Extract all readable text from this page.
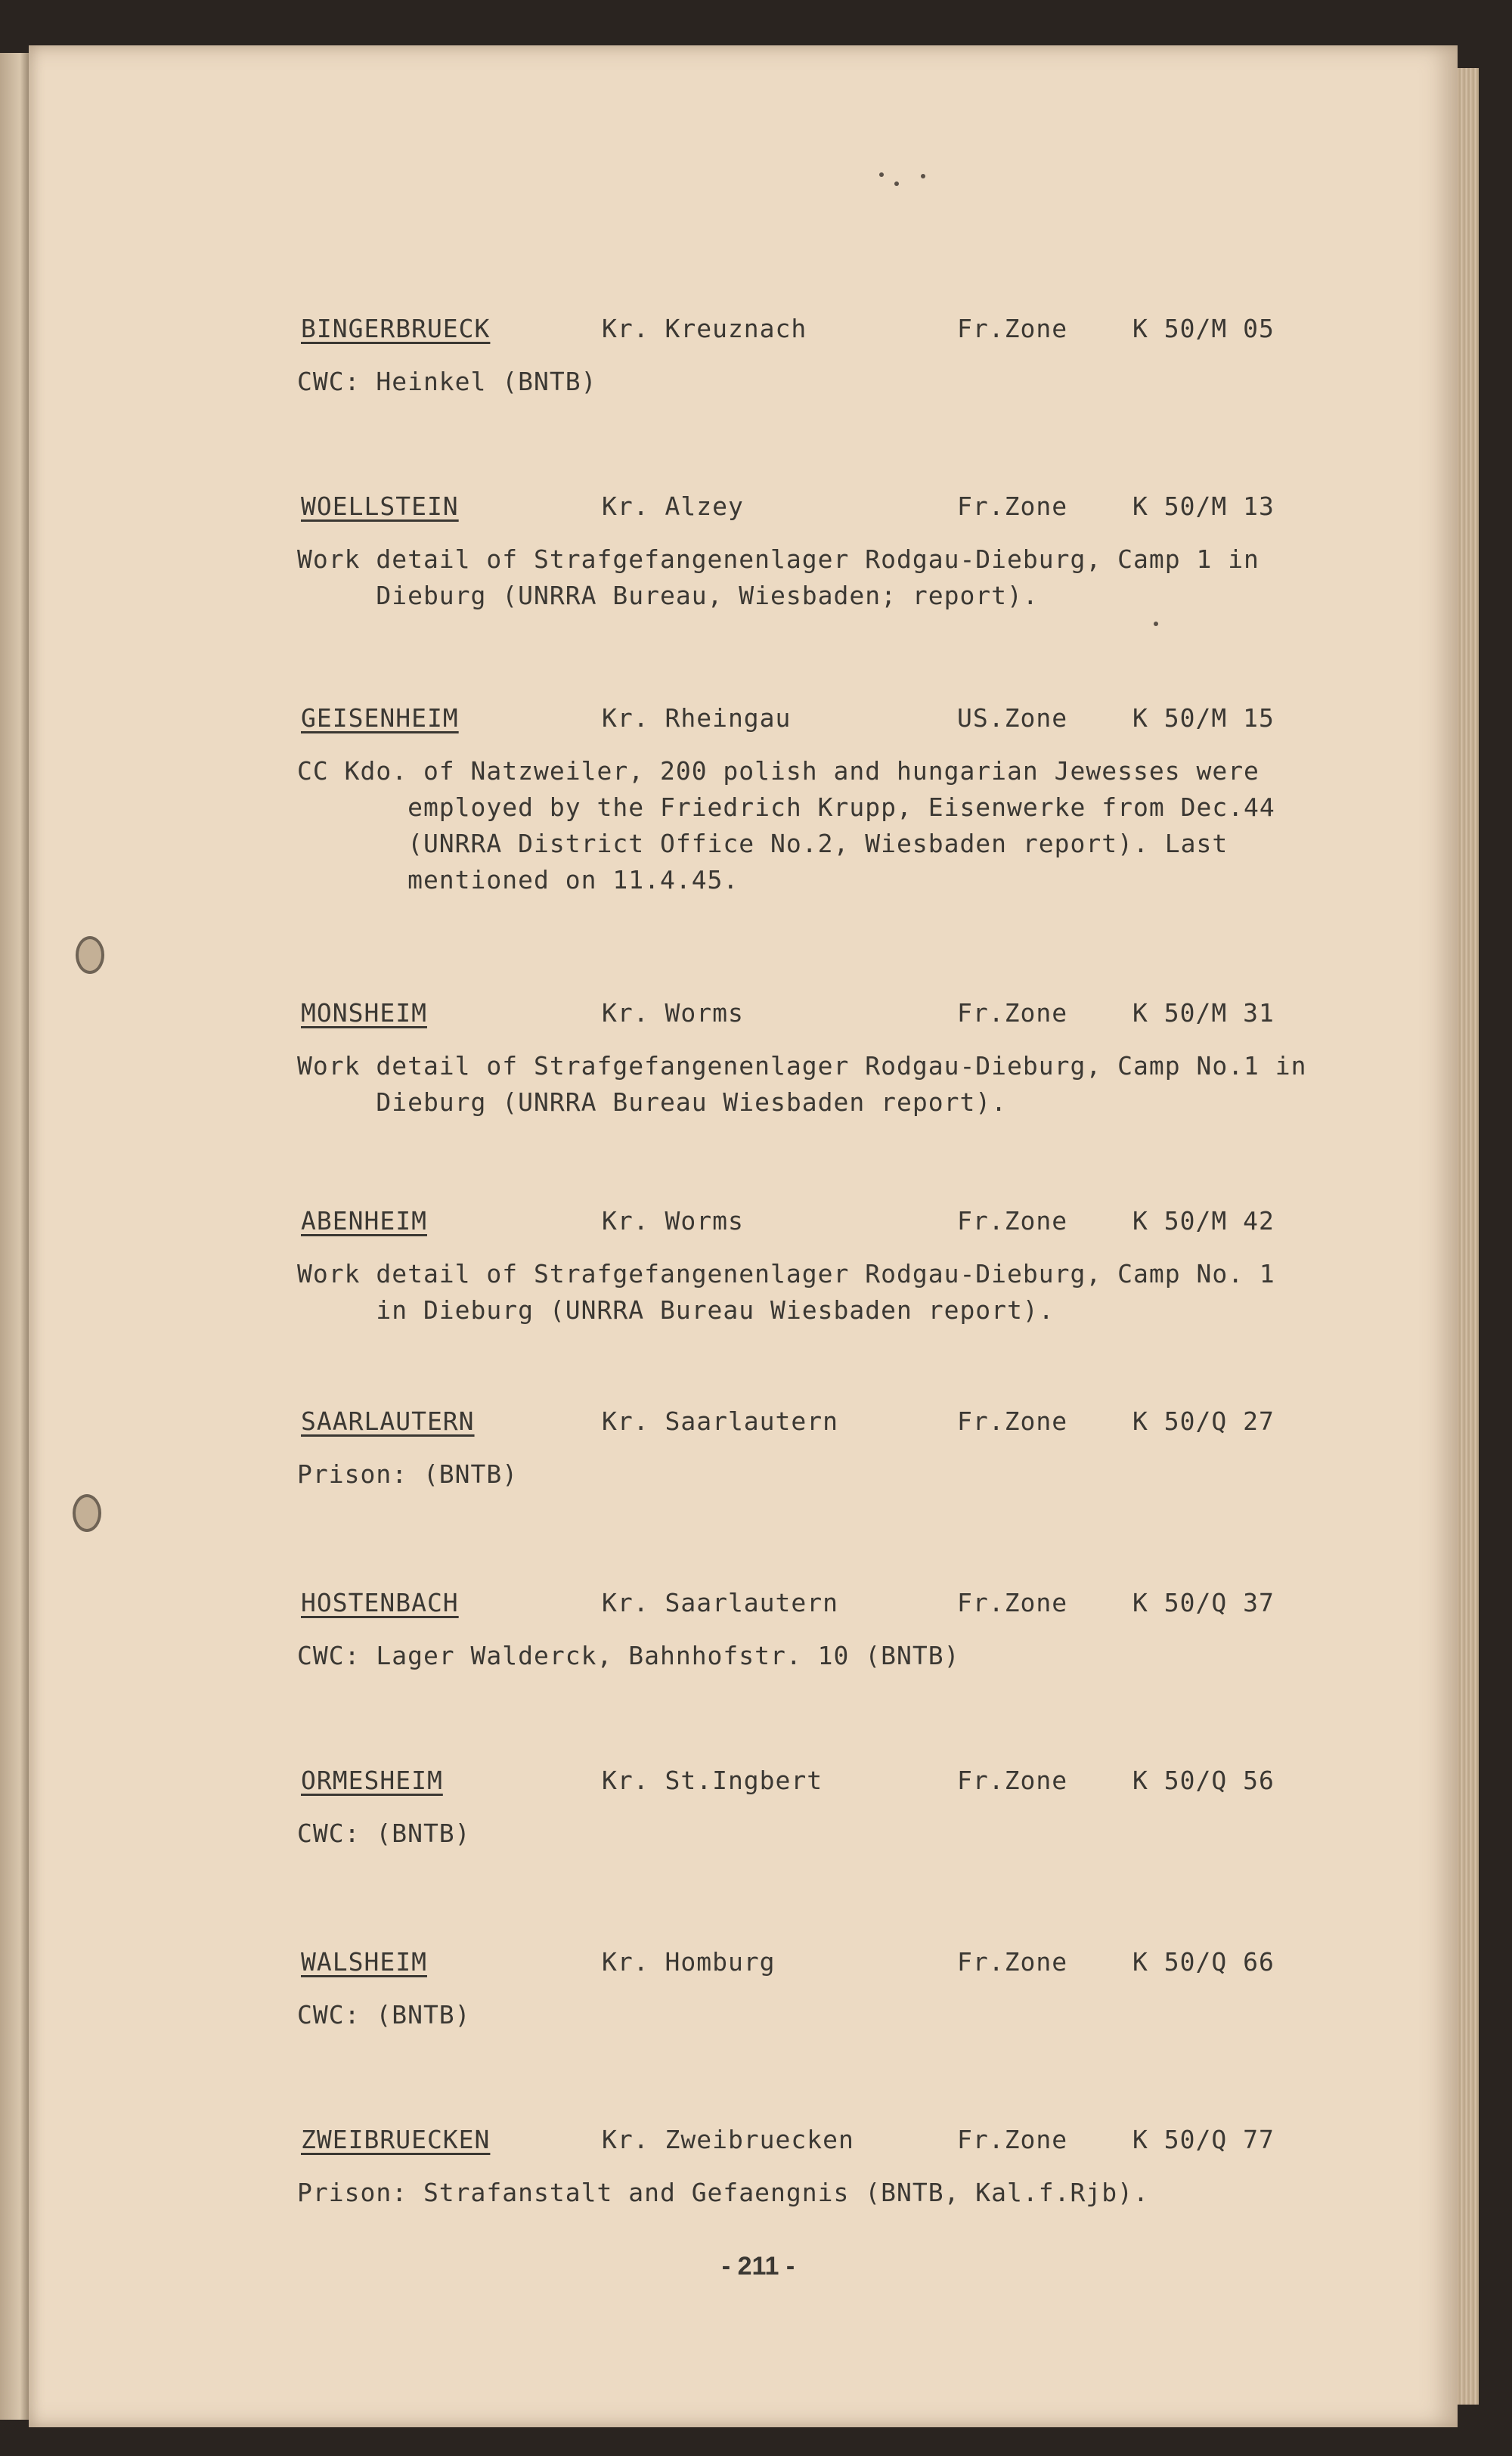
BINGERBRUECK	Kr. Kreuznach	Fr.Zone	K 50/M 05
CWC: Heinkel (BNTB)
WOELLSTEIN	Kr. Alzey	Fr.Zone	K 50/M 13
Work detail of Strafgefangenenlager Rodgau-Dieburg, Camp 1 in
Dieburg (UNRRA Bureau, Wiesbaden; report).
GEISENHEIM	Kr. Rheingau	US.Zone	K 50/M 15
CC Kdo. of Natzweiler, 200 polish and hungarian Jewesses were
employed by the Friedrich Krupp, Eisenwerke from Dec.44
(UNRRA District Office No.2, Wiesbaden report). Last
mentioned on 11.4.45.
MONSHEIM	Kr. Worms	Fr.Zone	K 50/M 31
Work detail of Strafgefangenenlager Rodgau-Dieburg, Camp No.1 in
Dieburg (UNRRA Bureau Wiesbaden report).
ABENHEIM	Kr. Worms	Fr.Zone	K 50/M 42
Work detail of Strafgefangenenlager Rodgau-Dieburg, Camp No. 1
in Dieburg (UNRRA Bureau Wiesbaden report).
SAARLAUTERN	Kr. Saarlautern	Fr.Zone	K 50/Q 27
Prison: (BNTB)
HOSTENBACH	Kr. Saarlautern	Fr.Zone	K 50/Q 37
CWC: Lager Walderck, Bahnhofstr. 10 (BNTB)
ORMESHEIM	Kr. St.Ingbert	Fr.Zone	K 50/Q 56
CWC: (BNTB)
WALSHEIM	Kr. Homburg	Fr.Zone	K 50/Q 66
CWC: (BNTB)
ZWEIBRUECKEN	Kr. Zweibruecken	Fr.Zone	K 50/Q 77
Prison: Strafanstalt and Gefaengnis (BNTB, Kal.f.Rjb).
- 211 -
